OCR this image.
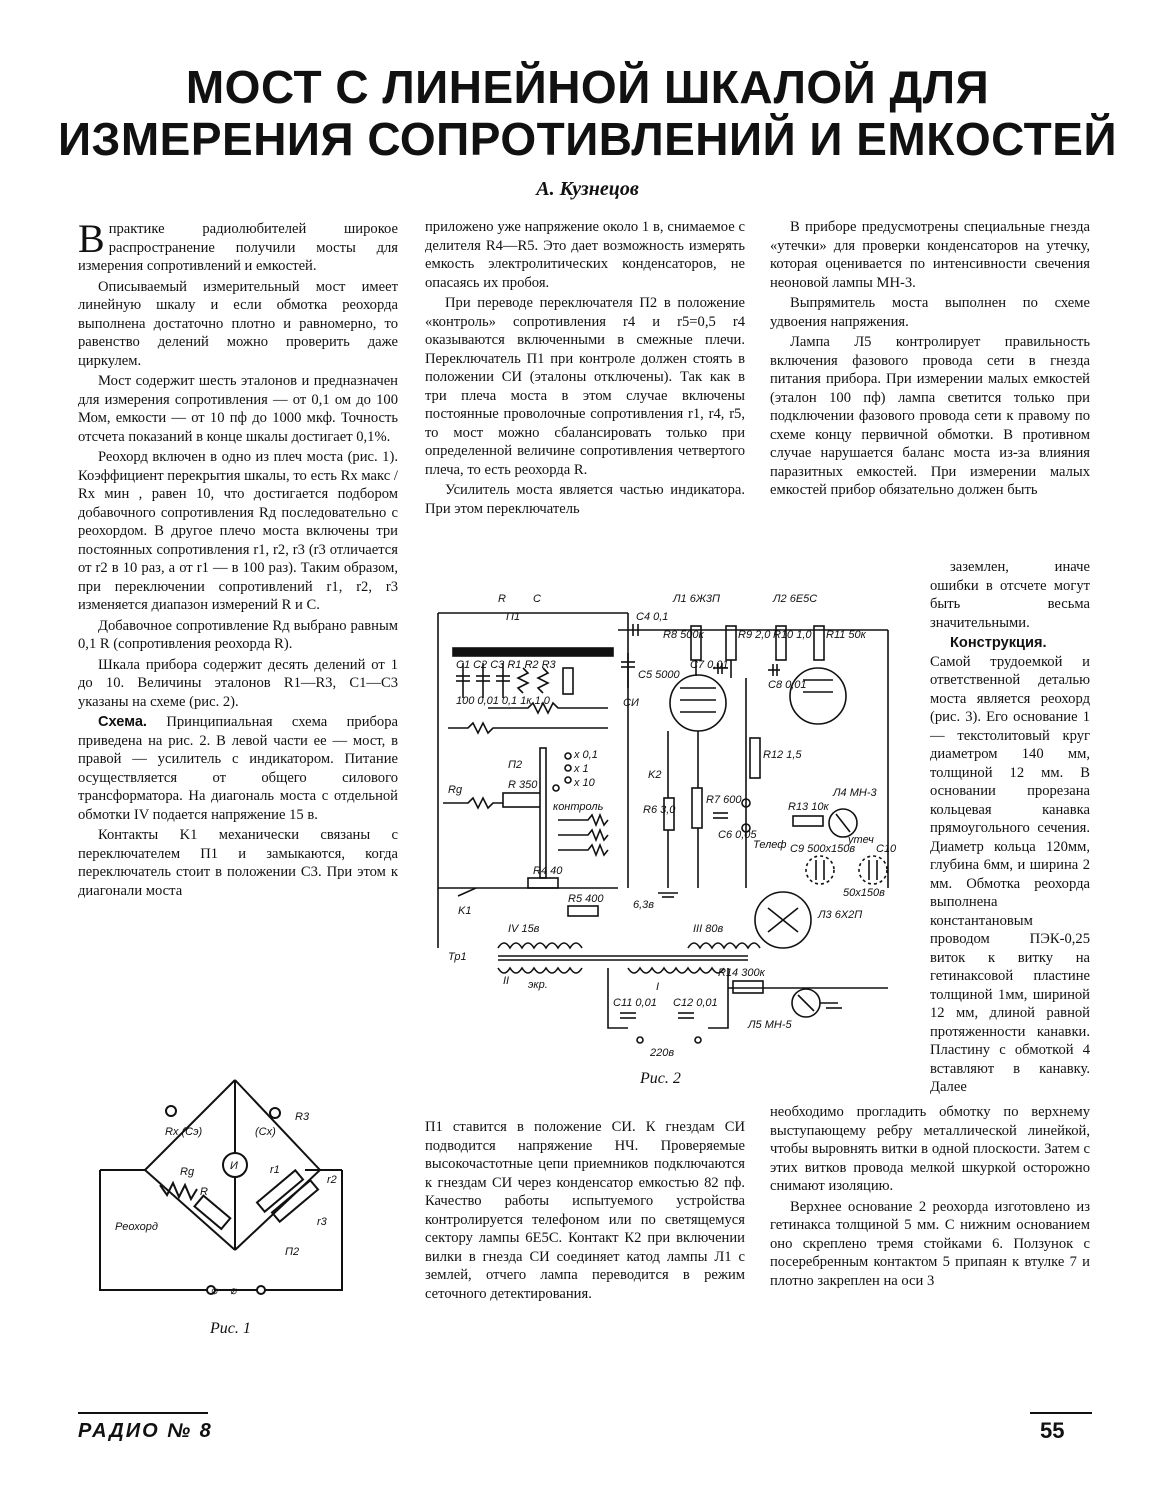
МОСТ С ЛИНЕЙНОЙ ШКАЛОЙ ДЛЯ
ИЗМЕРЕНИЯ СОПРОТИВЛЕНИЙ И ЕМКОСТЕЙ
А. Кузнецов

Впрактике радиолюбителей широкое распространение получили мосты для измерения сопротивлений и емкостей.

Описываемый измерительный мост имеет линейную шкалу и если обмотка реохорда выполнена достаточно плотно и равномерно, то равенство делений можно проверить даже циркулем.

Мост содержит шесть эталонов и предназначен для измерения сопротивления — от 0,1 ом до 100 Мом, емкости — от 10 пф до 1000 мкф. Точность отсчета показаний в конце шкалы достигает 0,1%.

Реохорд включен в одно из плеч моста (рис. 1). Коэффициент перекрытия шкалы, то есть Rx макс / Rx мин , равен 10, что достигается подбором добавочного сопротивления Rд последовательно с реохордом. В другое плечо моста включены три постоянных сопротивления r1, r2, r3 (r3 отличается от r2 в 10 раз, а от r1 — в 100 раз). Таким образом, при переключении сопротивлений r1, r2, r3 изменяется диапазон измерений R и С.

Добавочное сопротивление Rд выбрано равным 0,1 R (сопротивления реохорда R).

Шкала прибора содержит десять делений от 1 до 10. Величины эталонов R1—R3, C1—C3 указаны на схеме (рис. 2).

Схема. Принципиальная схема прибора приведена на рис. 2. В левой части ее — мост, в правой — усилитель с индикатором. Питание осуществляется от общего силового трансформатора. На диагональ моста с отдельной обмотки IV подается напряжение 15 в.

Контакты K1 механически связаны с переключателем П1 и замыкаются, когда переключатель стоит в положении С3. При этом к диагонали моста

приложено уже напряжение около 1 в, снимаемое с делителя R4—R5. Это дает возможность измерять емкость электролитических конденсаторов, не опасаясь их пробоя.

При переводе переключателя П2 в положение «контроль» сопротивления r4 и r5=0,5 r4 оказываются включенными в смежные плечи. Переключатель П1 при контроле должен стоять в положении СИ (эталоны отключены). Так как в три плеча моста в этом случае включены постоянные проволочные сопротивления r1, r4, r5, то мост можно сбалансировать только при определенной величине сопротивления четвертого плеча, то есть реохорда R.

Усилитель моста является частью индикатора. При этом переключатель

В приборе предусмотрены специальные гнезда «утечки» для проверки конденсаторов на утечку, которая оценивается по интенсивности свечения неоновой лампы МН-3.

Выпрямитель моста выполнен по схеме удвоения напряжения.

Лампа Л5 контролирует правильность включения фазового провода сети в гнезда питания прибора. При измерении малых емкостей (эталон 100 пф) лампа светится только при подключении фазового провода сети к правому по схеме концу первичной обмотки. В противном случае нарушается баланс моста из-за влияния паразитных емкостей. При измерении малых емкостей прибор обязательно должен быть

заземлен, иначе ошибки в отсчете могут быть весьма значительными.

Конструкция. Самой трудоемкой и ответственной деталью моста является реохорд (рис. 3). Его основание 1— текстолитовый круг диаметром 140 мм, толщиной 12 мм. В основании прорезана кольцевая канавка прямоугольного сечения. Диаметр кольца 120мм, глубина 6мм, и ширина 2 мм. Обмотка реохорда выполнена константановым проводом ПЭК-0,25 виток к витку на гетинаксовой пластине толщиной 1мм, шириной 12 мм, длиной равной протяженности канавки. Пластину с обмоткой 4 вставляют в канавку. Далее

П1 ставится в положение СИ. К гнездам СИ подводится напряжение НЧ. Проверяемые высокочастотные цепи приемников подключаются к гнездам СИ через конденсатор емкостью 82 пф. Качество работы испытуемого устройства контролируется телефоном или по светящемуся сектору лампы 6Е5С. Контакт К2 при включении вилки в гнезда СИ соединяет катод лампы Л1 с землей, отчего лампа переводится в режим сеточного детектирования.

необходимо прогладить обмотку по верхнему выступающему ребру металлической линейкой, чтобы выровнять витки в одной плоскости. Затем с этих витков провода мелкой шкуркой осторожно снимают изоляцию.

Верхнее основание 2 реохорда изготовлено из гетинакса толщиной 5 мм. С нижним основанием оно скреплено тремя стойками 6. Ползунок с посеребренным контактом 5 припаян к втулке 7 и плотно закреплен на оси 3

Rx (Сэ)	(Сx)
R3
Rg
R
Реохорд
И	r1
r2
r3
П2
⌀ ~ ⌀
Рис. 1
Л1 6Ж3П	Л2 6Е5С
R C
П1	C4 0,1
C5 5000
R8 500к	R9 2,0
C7 0,01
C8 0,01
R10 1,0 R11 50к
C1 C2 C3 R1 R2 R3
100 0,01 0,1 1к 1,0	СИ
П2
x 0,1
x 1
x 10
Rg	R 350
контроль
K2
R6 3,0
R7 600
C6 0,05
R12 1,5
Телеф
R13 10к
Л4 МН-3
утеч
C9 500x150в C10
50x150в
R4 40
R5 400
K1	6,3в
Л3 6Х2П
IV 15в	III 80в
Тр1
II экр.	I
R14 300к
Л5 МН-5
C11 0,01 C12 0,01
220в
Рис. 2
РАДИО № 8	55
